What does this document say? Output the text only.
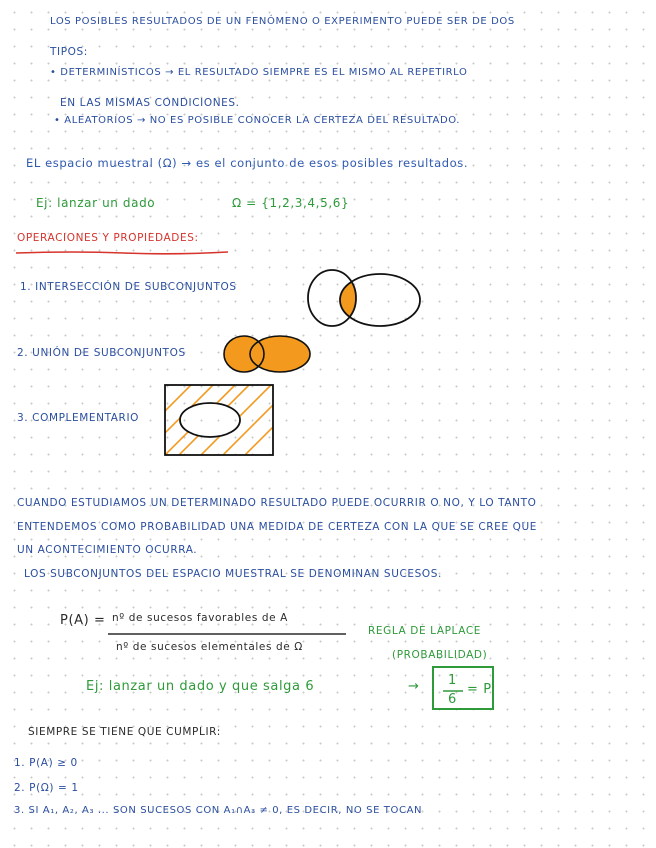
LOS POSIBLES RESULTADOS DE UN FENÓMENO O EXPERIMENTO PUEDE SER DE DOS
TIPOS:
• DETERMINÍSTICOS → EL RESULTADO SIEMPRE ES EL MISMO AL REPETIRLO
EN LAS MISMAS CONDICIONES.
• ALEATORIOS → NO ES POSIBLE CONOCER LA CERTEZA DEL RESULTADO.
EL espacio muestral (Ω) → es el conjunto de esos posibles resultados.
Ej: lanzar un dado	Ω = {1,2,3,4,5,6}
OPERACIONES Y PROPIEDADES:
1. INTERSECCIÓN DE SUBCONJUNTOS
2. UNIÓN DE SUBCONJUNTOS
3. COMPLEMENTARIO
CUANDO ESTUDIAMOS UN DETERMINADO RESULTADO PUEDE OCURRIR O NO, Y LO TANTO
ENTENDEMOS COMO PROBABILIDAD UNA MEDIDA DE CERTEZA CON LA QUE SE CREE QUE
UN ACONTECIMIENTO OCURRA.
LOS SUBCONJUNTOS DEL ESPACIO MUESTRAL SE DENOMINAN SUCESOS.
P(A) = nº de sucesos favorables de A
nº de sucesos elementales de Ω
REGLA DE LAPLACE
(PROBABILIDAD)
Ej: lanzar un dado y que salga 6	→ 1
6
= P
SIEMPRE SE TIENE QUE CUMPLIR:
1. P(A) ≥ 0
2. P(Ω) = 1
3. SI A₁, A₂, A₃ ... SON SUCESOS CON A₁∩A₃ ≠ 0, ES DECIR, NO SE TOCAN
